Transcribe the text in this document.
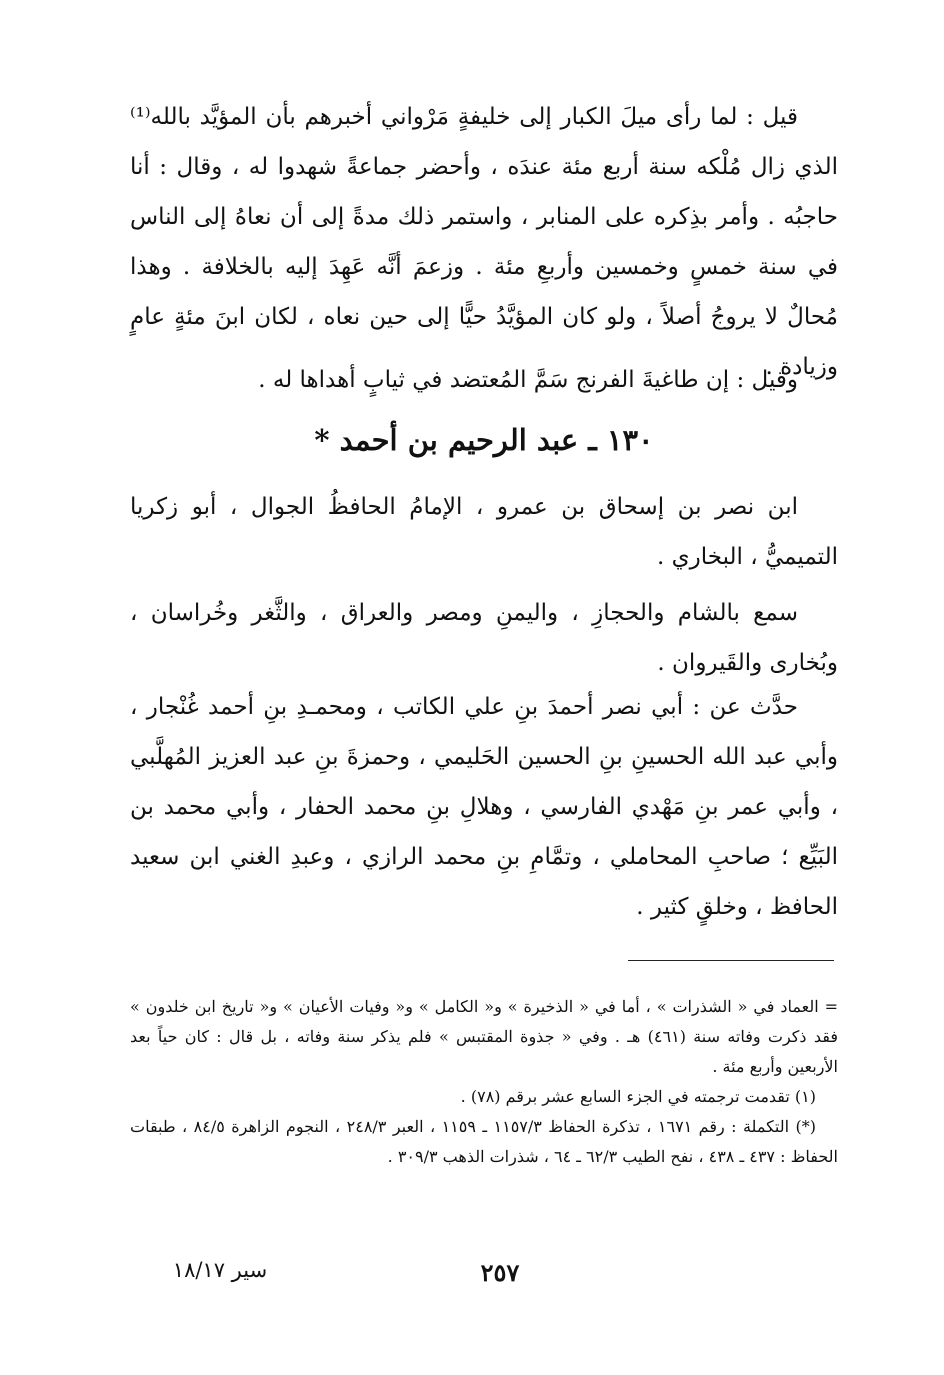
قيل : لما رأى ميلَ الكبار إلى خليفةٍ مَرْواني أخبرهم بأن المؤيَّد بالله⁽¹⁾ الذي زال مُلْكه سنة أربع مئة عندَه ، وأحضر جماعةً شهدوا له ، وقال : أنا حاجبُه . وأمر بذِكره على المنابر ، واستمر ذلك مدةً إلى أن نعاهُ إلى الناس في سنة خمسٍ وخمسين وأربعِ مئة . وزعمَ أنَّه عَهِدَ إليه بالخلافة . وهذا مُحالٌ لا يروجُ أصلاً ، ولو كان المؤيَّدُ حيًّا إلى حين نعاه ، لكان ابنَ مئةٍ عامٍ وزيادة .

وقيل : إن طاغيةَ الفرنج سَمَّ المُعتضد في ثيابٍ أهداها له .

١٣٠ ـ عبد الرحيم بن أحمد *

ابن نصر بن إسحاق بن عمرو ، الإمامُ الحافظُ الجوال ، أبو زكريا التميميُّ ، البخاري .

سمع بالشام والحجازِ ، واليمنِ ومصر والعراق ، والثَّغر وخُراسان ، وبُخارى والقَيروان .

حدَّث عن : أبي نصر أحمدَ بنِ علي الكاتب ، ومحمـدِ بنِ أحمد غُنْجار ، وأبي عبد الله الحسينِ بنِ الحسين الحَليمي ، وحمزةَ بنِ عبد العزيز المُهلَّبي ، وأبي عمر بنِ مَهْدي الفارسي ، وهلالِ بنِ محمد الحفار ، وأبي محمد بن البَيِّع ؛ صاحبِ المحاملي ، وتمَّامِ بنِ محمد الرازي ، وعبدِ الغني ابن سعيد الحافظ ، وخلقٍ كثير .

= العماد في « الشذرات » ، أما في « الذخيرة » و« الكامل » و« وفيات الأعيان » و« تاريخ ابن خلدون » فقد ذكرت وفاته سنة (٤٦١) هـ . وفي « جذوة المقتبس » فلم يذكر سنة وفاته ، بل قال : كان حياً بعد الأربعين وأربع مئة .

(١) تقدمت ترجمته في الجزء السابع عشر برقم (٧٨) .

(*) التكملة : رقم ١٦٧١ ، تذكرة الحفاظ ١١٥٧/٣ ـ ١١٥٩ ، العبر ٢٤٨/٣ ، النجوم الزاهرة ٨٤/٥ ، طبقات الحفاظ : ٤٣٧ ـ ٤٣٨ ، نفح الطيب ٦٢/٣ ـ ٦٤ ، شذرات الذهب ٣٠٩/٣ .

٢٥٧
سير ١٨/١٧
